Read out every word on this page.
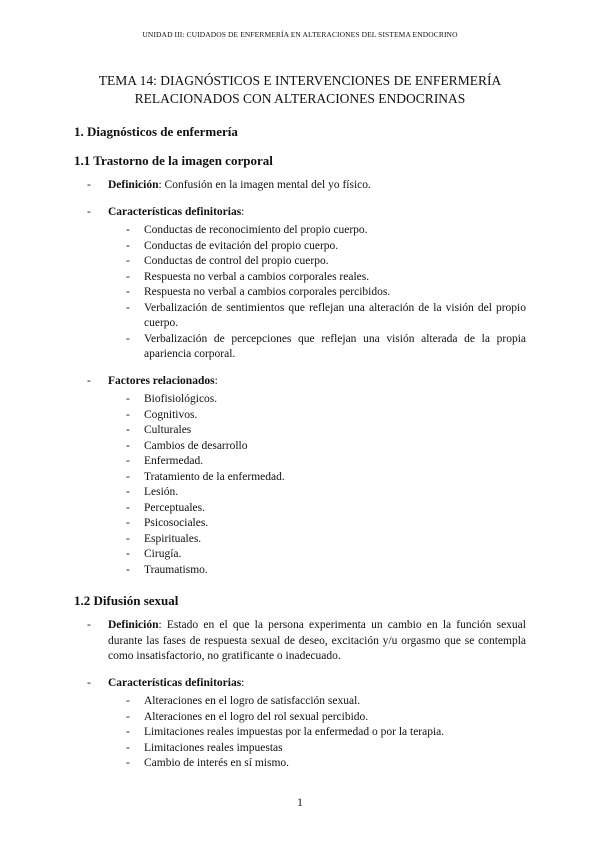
UNIDAD III: CUIDADOS DE ENFERMERÍA EN ALTERACIONES DEL SISTEMA ENDOCRINO
TEMA 14: DIAGNÓSTICOS E INTERVENCIONES DE ENFERMERÍA
RELACIONADOS CON ALTERACIONES ENDOCRINAS
1. Diagnósticos de enfermería
1.1 Trastorno de la imagen corporal
- Definición: Confusión en la imagen mental del yo físico.
- Características definitorias:
- Conductas de reconocimiento del propio cuerpo.
- Conductas de evitación del propio cuerpo.
- Conductas de control del propio cuerpo.
- Respuesta no verbal a cambios corporales reales.
- Respuesta no verbal a cambios corporales percibidos.
- Verbalización de sentimientos que reflejan una alteración de la visión del propio cuerpo.
- Verbalización de percepciones que reflejan una visión alterada de la propia apariencia corporal.
- Factores relacionados:
- Biofisiológicos.
- Cognitivos.
- Culturales
- Cambios de desarrollo
- Enfermedad.
- Tratamiento de la enfermedad.
- Lesión.
- Perceptuales.
- Psicosociales.
- Espirituales.
- Cirugía.
- Traumatismo.
1.2 Difusión sexual
- Definición: Estado en el que la persona experimenta un cambio en la función sexual durante las fases de respuesta sexual de deseo, excitación y/u orgasmo que se contempla como insatisfactorio, no gratificante o inadecuado.
- Características definitorias:
- Alteraciones en el logro de satisfacción sexual.
- Alteraciones en el logro del rol sexual percibido.
- Limitaciones reales impuestas por la enfermedad o por la terapia.
- Limitaciones reales impuestas
- Cambio de interés en sí mismo.
1
